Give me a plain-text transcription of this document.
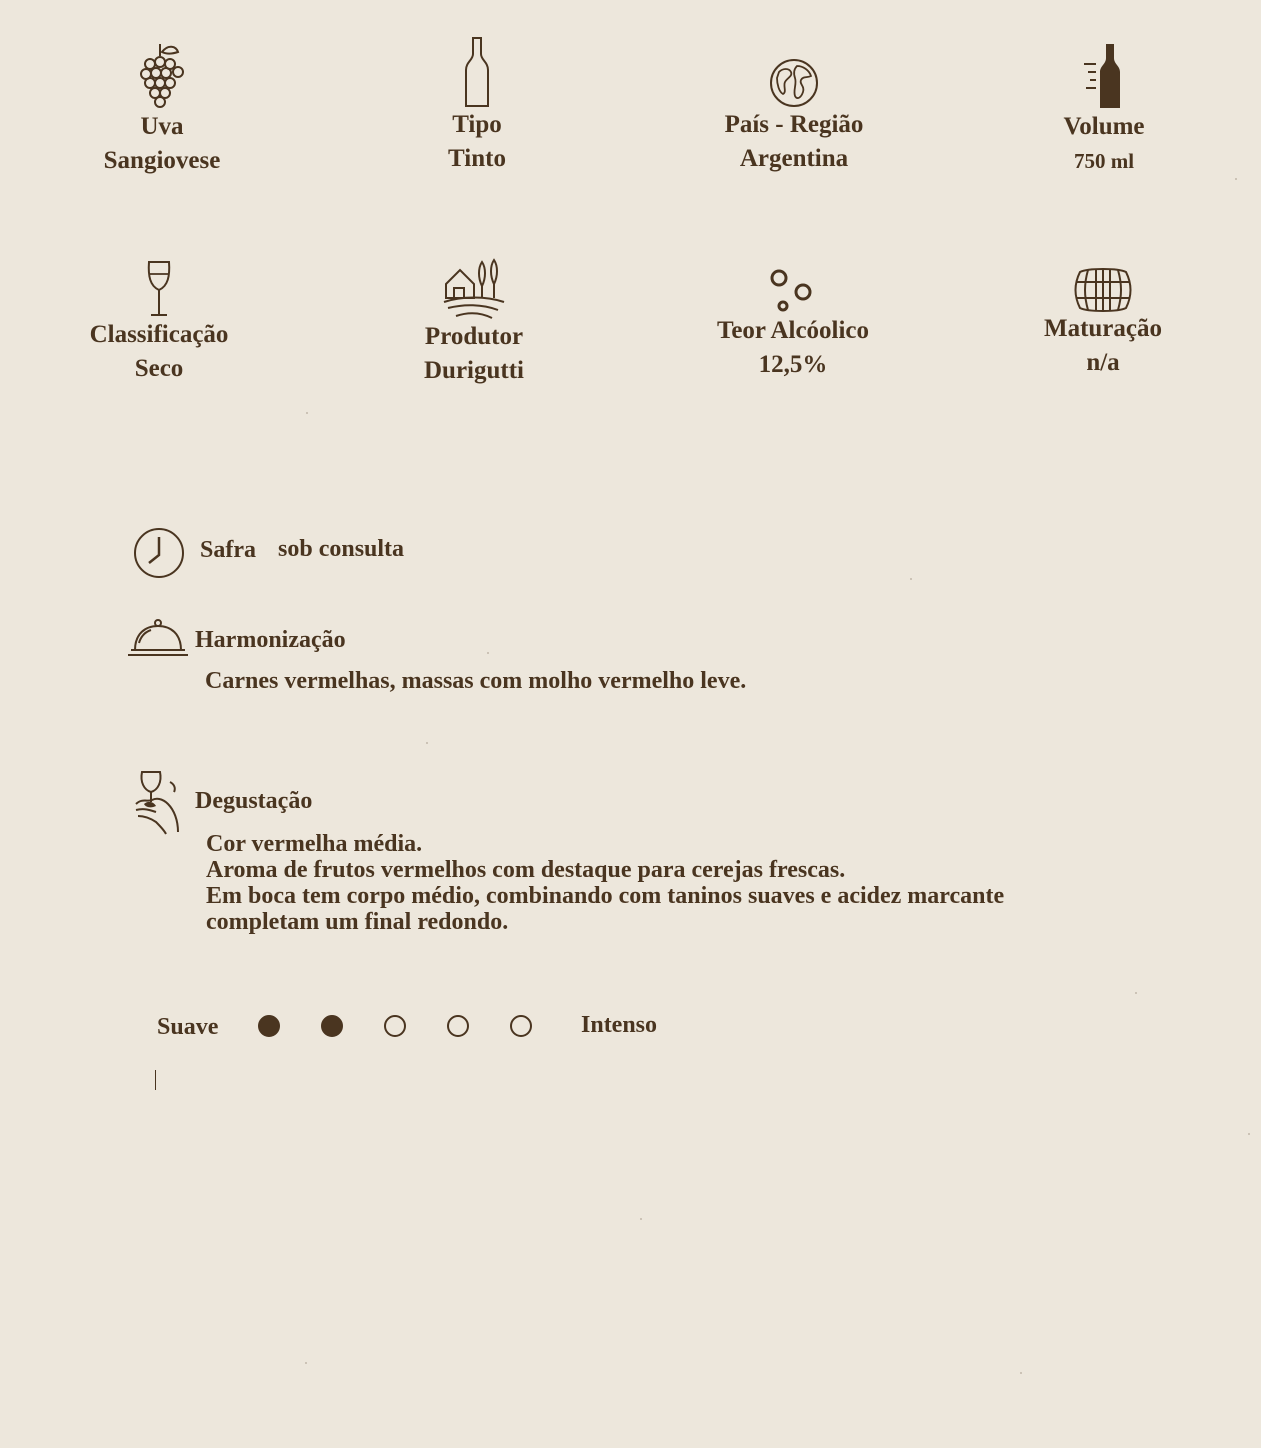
Uva
Sangiovese
Tipo
Tinto
País - Região
Argentina
Volume
750 ml
Classificação
Seco
Produtor
Durigutti
Teor Alcóolico
12,5%
Maturação
n/a
Safra sob consulta
Harmonização
Carnes vermelhas, massas com molho vermelho leve.
Degustação
Cor vermelha média.
Aroma de frutos vermelhos com destaque para cerejas frescas.
Em boca tem corpo médio, combinando com taninos suaves e acidez marcante
completam um final redondo.
Suave	Intenso
